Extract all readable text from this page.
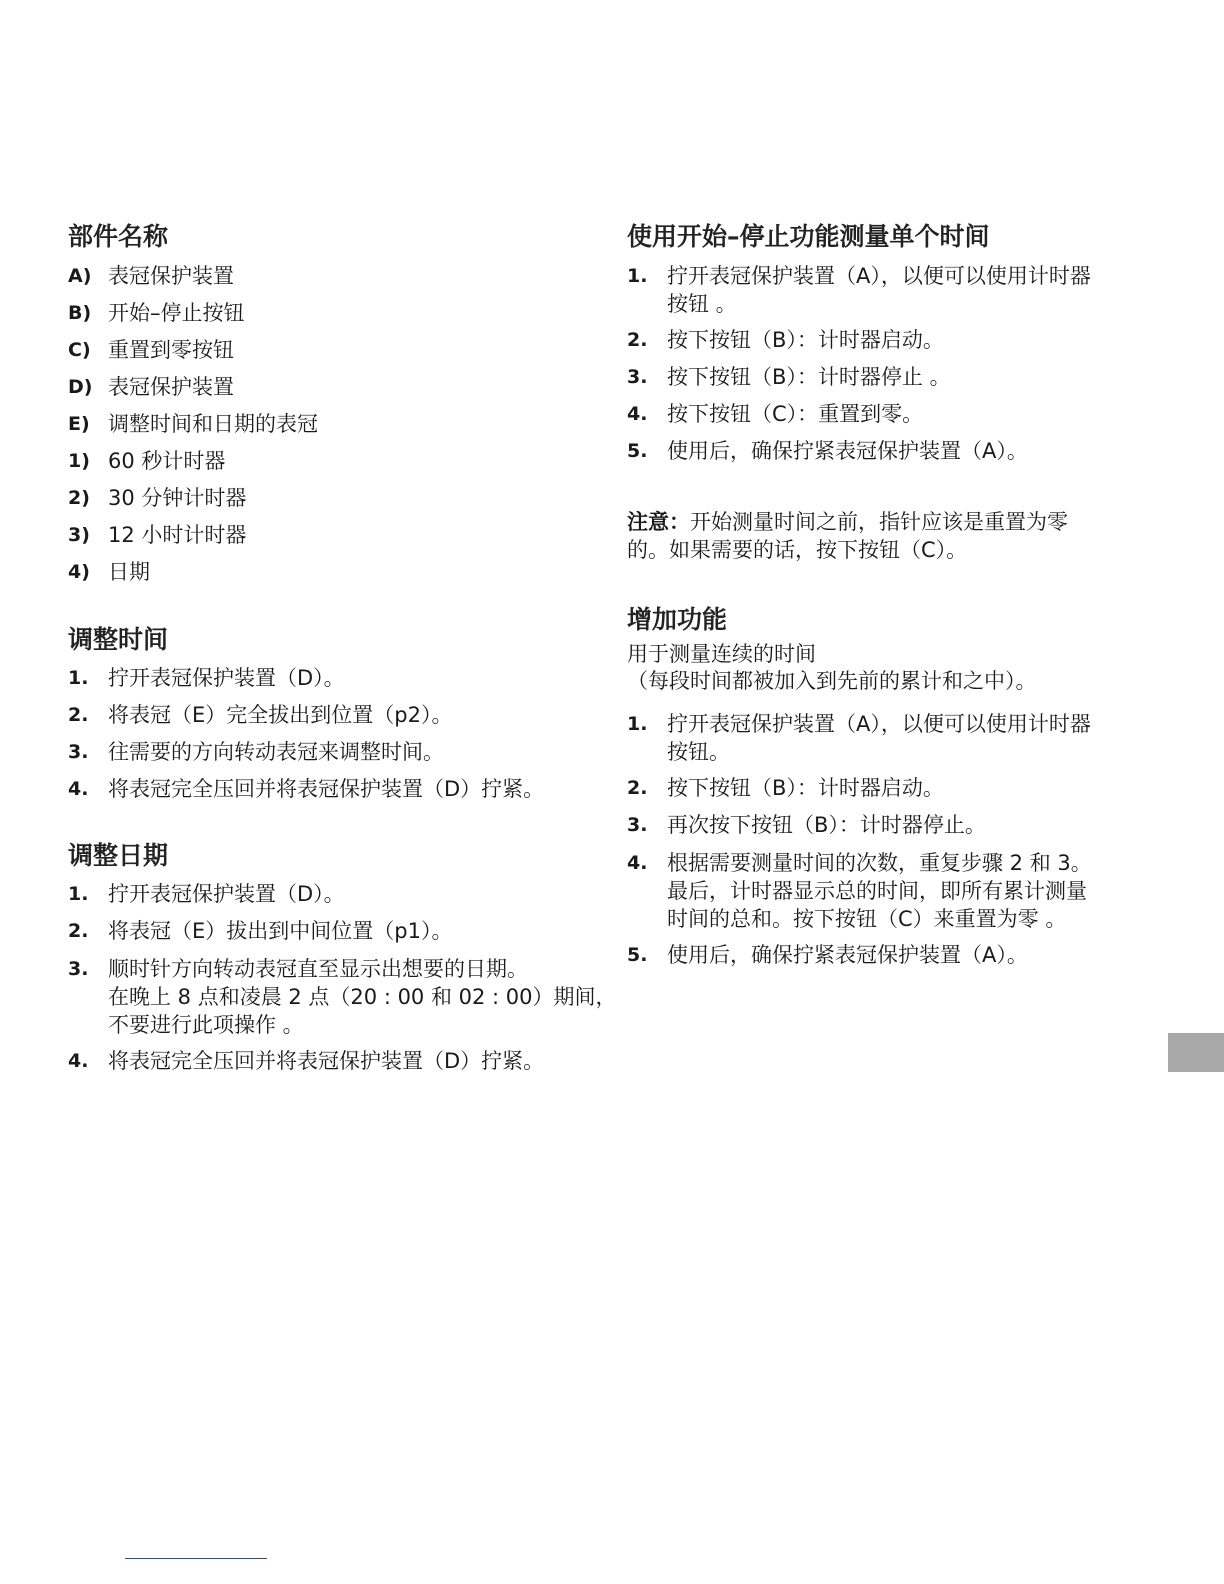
部件名称
A) 表冠保护装置
B) 开始–停止按钮
C) 重置到零按钮
D) 表冠保护装置
E) 调整时间和日期的表冠
1) 60 秒计时器
2) 30 分钟计时器
3) 12 小时计时器
4) 日期
调整时间
1. 拧开表冠保护装置（D）。
2. 将表冠（E）完全拔出到位置（p2）。
3. 往需要的方向转动表冠来调整时间。
4. 将表冠完全压回并将表冠保护装置（D）拧紧。
调整日期
1. 拧开表冠保护装置（D）。
2. 将表冠（E）拔出到中间位置（p1）。
3. 顺时针方向转动表冠直至显示出想要的日期。
在晚上 8 点和凌晨 2 点（20 : 00 和 02 : 00）期间，
不要进行此项操作 。
4. 将表冠完全压回并将表冠保护装置（D）拧紧。
使用开始–停止功能测量单个时间
1. 拧开表冠保护装置（A），以便可以使用计时器
按钮 。
2. 按下按钮（B）：计时器启动。
3. 按下按钮（B）：计时器停止 。
4. 按下按钮（C）：重置到零。
5. 使用后，确保拧紧表冠保护装置（A）。
注意：开始测量时间之前，指针应该是重置为零
的。如果需要的话，按下按钮（C）。
增加功能
用于测量连续的时间
（每段时间都被加入到先前的累计和之中）。
1. 拧开表冠保护装置（A），以便可以使用计时器
按钮。
2. 按下按钮（B）：计时器启动。
3. 再次按下按钮（B）：计时器停止。
4. 根据需要测量时间的次数，重复步骤 2 和 3。
最后，计时器显示总的时间，即所有累计测量
时间的总和。按下按钮（C）来重置为零 。
5. 使用后，确保拧紧表冠保护装置（A）。
